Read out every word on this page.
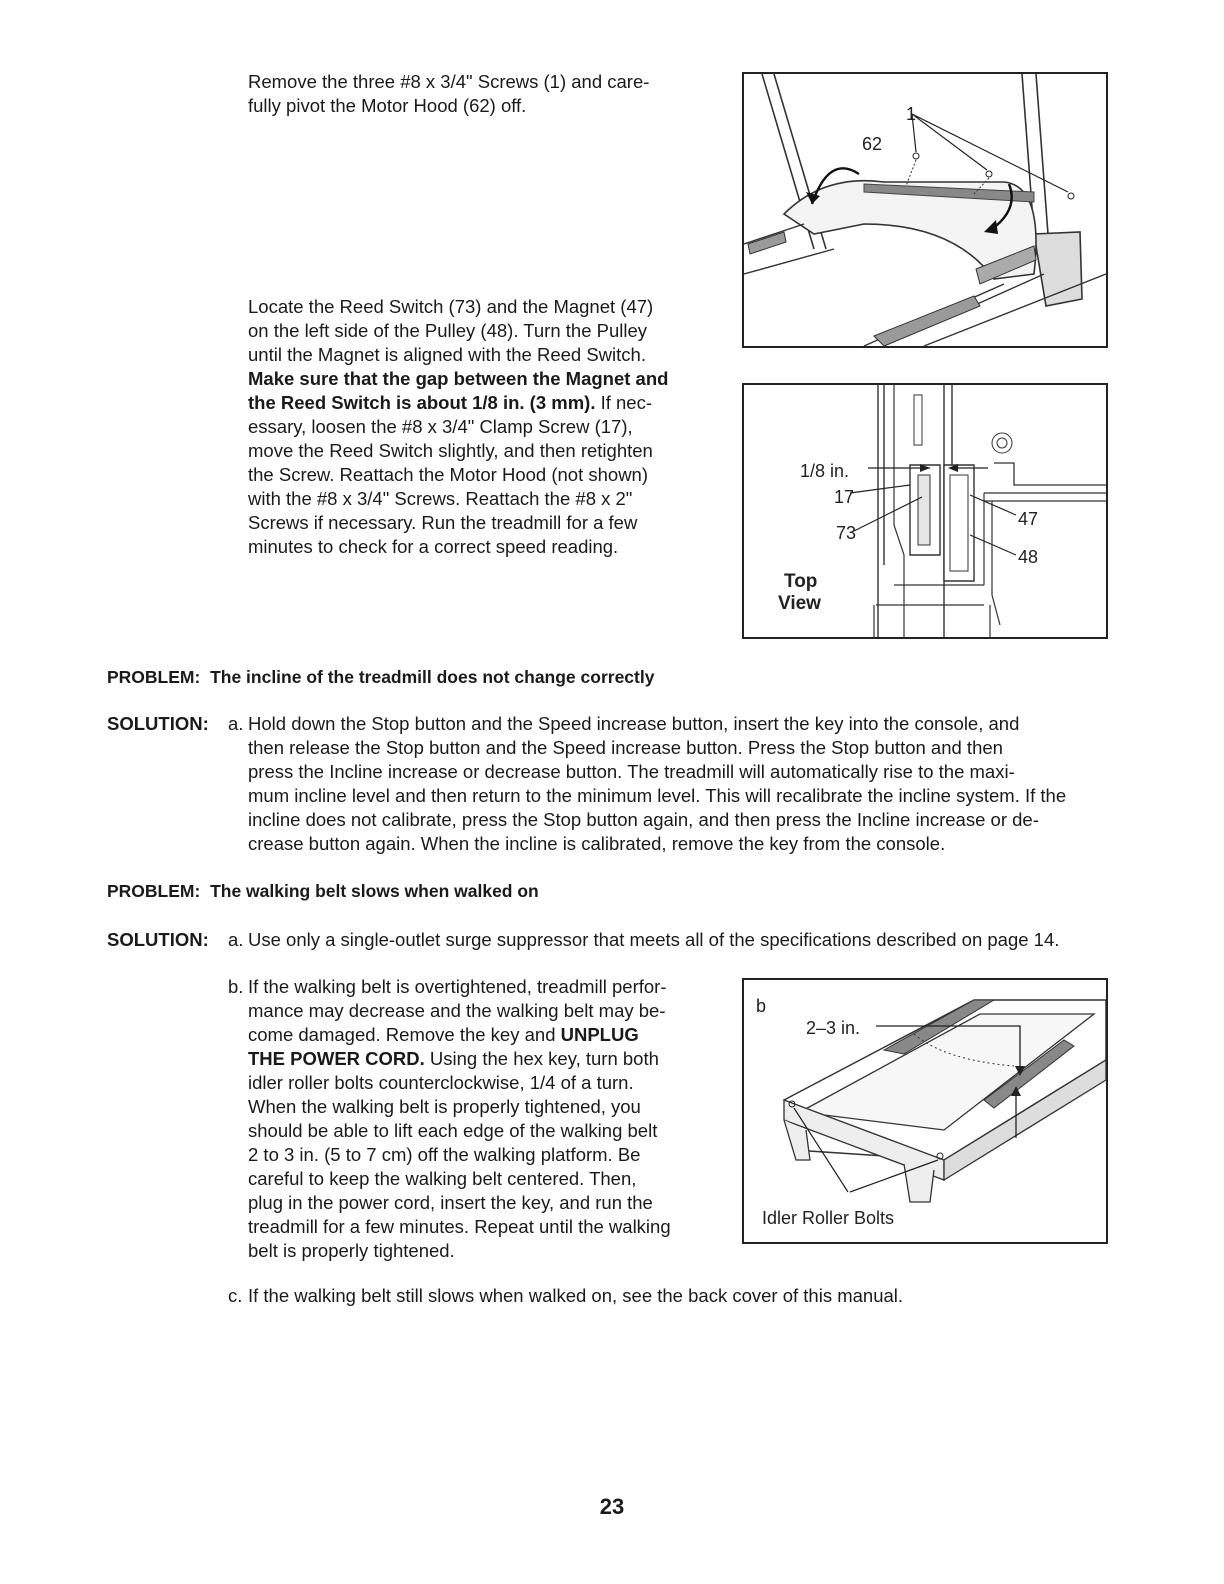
Remove the three #8 x 3/4" Screws (1) and care-
fully pivot the Motor Hood (62) off.	1
62
Locate the Reed Switch (73) and the Magnet (47)
on the left side of the Pulley (48). Turn the Pulley
until the Magnet is aligned with the Reed Switch.
Make sure that the gap between the Magnet and
the Reed Switch is about 1/8 in. (3 mm). If nec-
essary, loosen the #8 x 3/4" Clamp Screw (17),
move the Reed Switch slightly, and then retighten
the Screw. Reattach the Motor Hood (not shown)
with the #8 x 3/4" Screws. Reattach the #8 x 2"
Screws if necessary. Run the treadmill for a few
minutes to check for a correct speed reading.
1/8 in.
17
73
47
48
Top
View
PROBLEM: The incline of the treadmill does not change correctly
SOLUTION: a. Hold down the Stop button and the Speed increase button, insert the key into the console, and
then release the Stop button and the Speed increase button. Press the Stop button and then
press the Incline increase or decrease button. The treadmill will automatically rise to the maxi-
mum incline level and then return to the minimum level. This will recalibrate the incline system. If the
incline does not calibrate, press the Stop button again, and then press the Incline increase or de-
crease button again. When the incline is calibrated, remove the key from the console.
PROBLEM: The walking belt slows when walked on
SOLUTION: a. Use only a single-outlet surge suppressor that meets all of the specifications described on page 14.
b. If the walking belt is overtightened, treadmill perfor-
mance may decrease and the walking belt may be-
come damaged. Remove the key and UNPLUG
THE POWER CORD. Using the hex key, turn both
idler roller bolts counterclockwise, 1/4 of a turn.
When the walking belt is properly tightened, you
should be able to lift each edge of the walking belt
2 to 3 in. (5 to 7 cm) off the walking platform. Be
careful to keep the walking belt centered. Then,
plug in the power cord, insert the key, and run the
treadmill for a few minutes. Repeat until the walking
belt is properly tightened.
b
2–3 in.
Idler Roller Bolts
c. If the walking belt still slows when walked on, see the back cover of this manual.
23
